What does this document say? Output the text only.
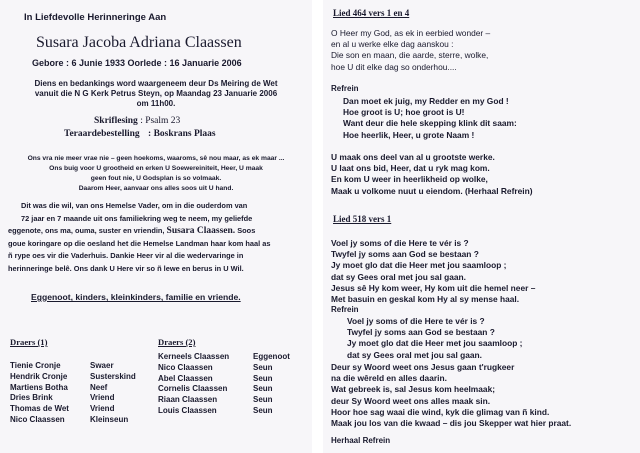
In Liefdevolle Herinneringe Aan
Susara Jacoba Adriana Claassen
Gebore : 6 Junie 1933 Oorlede : 16 Januarie 2006
Diens en bedankings word waargeneem deur Ds Meiring de Wet
vanuit die N G Kerk Petrus Steyn, op Maandag 23 Januarie 2006
om 11h00.
Skriflesing : Psalm 23
Teraardebestelling : Boskrans Plaas
Ons vra nie meer vrae nie – geen hoekoms, waaroms, sê nou maar, as ek maar ...
Ons buig voor U grootheid en erken U Soewereiniteit, Heer, U maak
geen fout nie, U Godsplan is so volmaak.
Daarom Heer, aanvaar ons alles soos uit U hand.
Dit was die wil, van ons Hemelse Vader, om in die ouderdom van
72 jaar en 7 maande uit ons familiekring weg te neem, my geliefde
eggenote, ons ma, ouma, suster en vriendin, Susara Claassen. Soos
goue koringare op die oesland het die Hemelse Landman haar kom haal as
ñ rype oes vir die Vaderhuis. Dankie Heer vir al die wedervaringe in
herinneringe belê. Ons dank U Here vir so ñ lewe en berus in U Wil.
Eggenoot, kinders, kleinkinders, familie en vriende.
Draers (1)
Tienie Cronje
Hendrik Cronje
Martiens Botha
Dries Brink
Thomas de Wet
Nico Claassen
Swaer
Susterskind
Neef
Vriend
Vriend
Kleinseun
Draers (2)
Kerneels Claassen
Nico Claassen
Abel Claassen
Cornelis Claassen
Riaan Claassen
Louis Claassen
Eggenoot
Seun
Seun
Seun
Seun
Seun
Lied 464 vers 1 en 4
O Heer my God, as ek in eerbied wonder –
en al u werke elke dag aanskou :
Die son en maan, die aarde, sterre, wolke,
hoe U dit elke dag so onderhou....
Refrein
Dan moet ek juig, my Redder en my God !
Hoe groot is U; hoe groot is U!
Want deur die hele skepping klink dit saam:
Hoe heerlik, Heer, u grote Naam !
U maak ons deel van al u grootste werke.
U laat ons bid, Heer, dat u ryk mag kom.
En kom U weer in heerlikheid op wolke,
Maak u volkome nuut u eiendom. (Herhaal Refrein)
Lied 518 vers 1
Voel jy soms of die Here te vér is ?
Twyfel jy soms aan God se bestaan ?
Jy moet glo dat die Heer met jou saamloop ;
dat sy Gees oral met jou sal gaan.
Jesus sê Hy kom weer, Hy kom uit die hemel neer –
Met basuin en geskal kom Hy al sy mense haal.
Refrein
Voel jy soms of die Here te vér is ?
Twyfel jy soms aan God se bestaan ?
Jy moet glo dat die Heer met jou saamloop ;
dat sy Gees oral met jou sal gaan.
Deur sy Woord weet ons Jesus gaan t'rugkeer
na die wêreld en alles daarin.
Wat gebreek is, sal Jesus kom heelmaak;
deur Sy Woord weet ons alles maak sin.
Hoor hoe sag waai die wind, kyk die glimag van ñ kind.
Maak jou los van die kwaad – dis jou Skepper wat hier praat.
Herhaal Refrein
